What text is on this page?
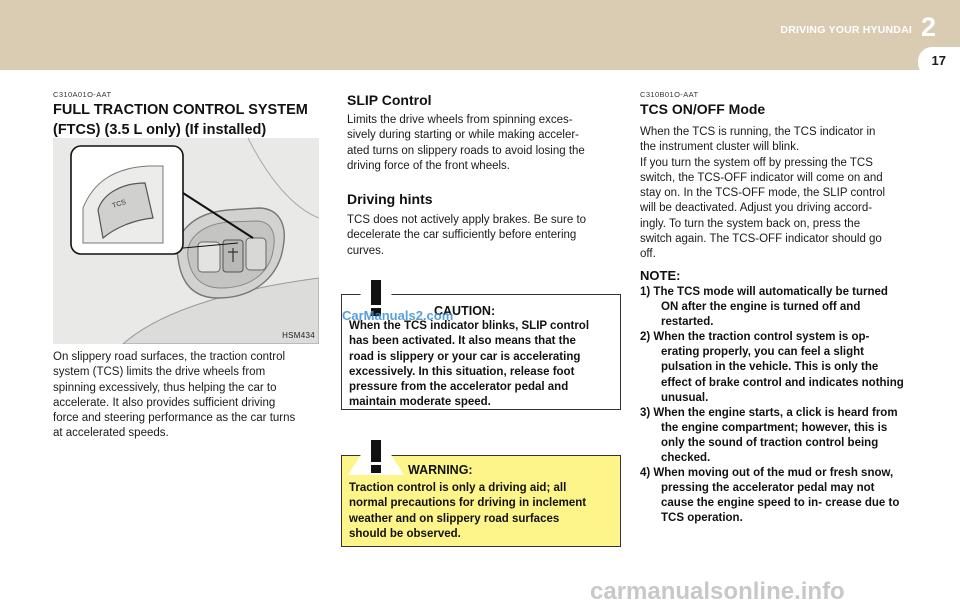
DRIVING YOUR HYUNDAI 2
17
C310A01O-AAT
FULL TRACTION CONTROL SYSTEM
(FTCS) (3.5 L only) (If installed)
TCS
HSM434
On slippery road surfaces, the traction control
system (TCS) limits the drive wheels from
spinning excessively, thus helping the car to
accelerate. It also provides sufficient driving
force and steering performance as the car turns
at accelerated speeds.
SLIP Control
Limits the drive wheels from spinning exces-
sively during starting or while making acceler-
ated turns on slippery roads to avoid losing the
driving force of the front wheels.
Driving hints
TCS does not actively apply brakes. Be sure to
decelerate the car sufficiently before entering
curves.
CAUTION:
When the TCS indicator blinks, SLIP control
has been activated. It also means that the
road is slippery or your car is accelerating
excessively. In this situation, release foot
pressure from the accelerator pedal and
maintain moderate speed.
WARNING:
Traction control is only a driving aid; all
normal precautions for driving in inclement
weather and on slippery road surfaces
should be observed.
C310B01O-AAT
TCS ON/OFF Mode
When the TCS is running, the TCS indicator in
the instrument cluster will blink.
If you turn the system off by pressing the TCS
switch, the TCS-OFF indicator will come on and
stay on. In the TCS-OFF mode, the SLIP control
will be deactivated. Adjust you driving accord-
ingly. To turn the system back on, press the
switch again. The TCS-OFF indicator should go
off.
NOTE:
1) The TCS mode will automatically be turned ON after the engine is turned off and restarted.
2) When the traction control system is op- erating properly, you can feel a slight pulsation in the vehicle. This is only the effect of brake control and indicates nothing unusual.
3) When the engine starts, a click is heard from the engine compartment; however, this is only the sound of traction control being checked.
4) When moving out of the mud or fresh snow, pressing the accelerator pedal may not cause the engine speed to in- crease due to TCS operation.
CarManuals2.com
carmanualsonline.info
